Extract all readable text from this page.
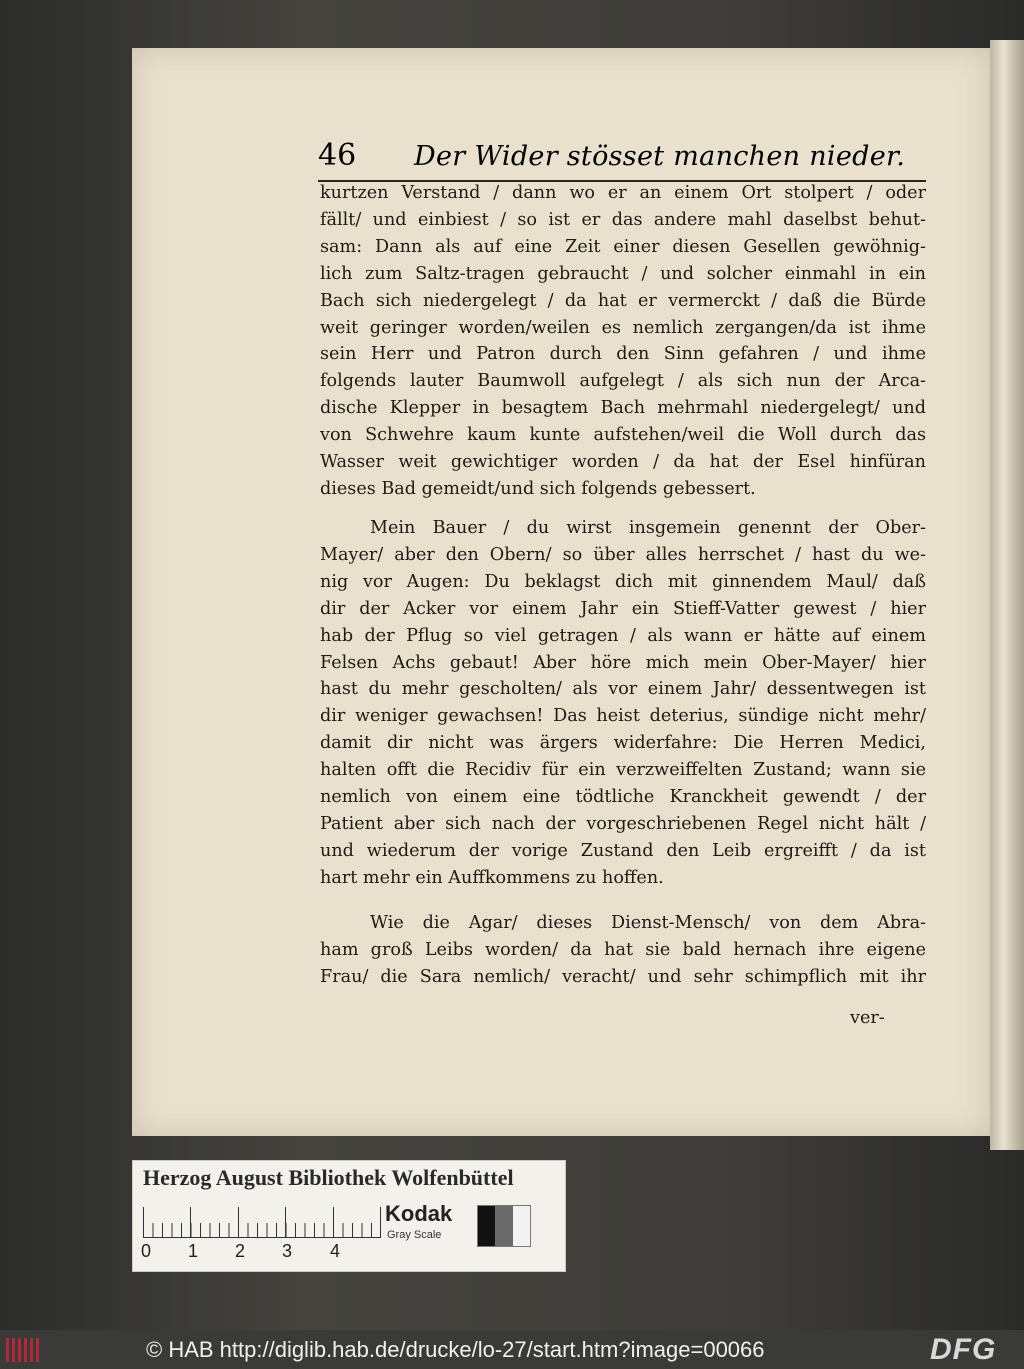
46 Der Wider stösset manchen nieder.
kurtzen Verstand / dann wo er an einem Ort stolpert / oder
fällt/ und einbiest / so ist er das andere mahl daselbst behut-
sam: Dann als auf eine Zeit einer diesen Gesellen gewöhnig-
lich zum Saltz-tragen gebraucht / und solcher einmahl in ein
Bach sich niedergelegt / da hat er vermerckt / daß die Bürde
weit geringer worden/weilen es nemlich zergangen/da ist ihme
sein Herr und Patron durch den Sinn gefahren / und ihme
folgends lauter Baumwoll aufgelegt / als sich nun der Arca-
dische Klepper in besagtem Bach mehrmahl niedergelegt/ und
von Schwehre kaum kunte aufstehen/weil die Woll durch das
Wasser weit gewichtiger worden / da hat der Esel hinfüran
dieses Bad gemeidt/und sich folgends gebessert.
Mein Bauer / du wirst insgemein genennt der Ober-
Mayer/ aber den Obern/ so über alles herrschet / hast du we-
nig vor Augen: Du beklagst dich mit ginnendem Maul/ daß
dir der Acker vor einem Jahr ein Stieff-Vatter gewest / hier
hab der Pflug so viel getragen / als wann er hätte auf einem
Felsen Achs gebaut! Aber höre mich mein Ober-Mayer/ hier
hast du mehr gescholten/ als vor einem Jahr/ dessentwegen ist
dir weniger gewachsen! Das heist deterius, sündige nicht mehr/
damit dir nicht was ärgers widerfahre: Die Herren Medici,
halten offt die Recidiv für ein verzweiffelten Zustand; wann sie
nemlich von einem eine tödtliche Kranckheit gewendt / der
Patient aber sich nach der vorgeschriebenen Regel nicht hält /
und wiederum der vorige Zustand den Leib ergreifft / da ist
hart mehr ein Auffkommens zu hoffen.
Wie die Agar/ dieses Dienst-Mensch/ von dem Abra-
ham groß Leibs worden/ da hat sie bald hernach ihre eigene
Frau/ die Sara nemlich/ veracht/ und sehr schimpflich mit ihr
ver-
Herzog August Bibliothek Wolfenbüttel
0 1 2 3 4
Kodak
Gray Scale
© HAB http://diglib.hab.de/drucke/lo-27/start.htm?image=00066	DFG
